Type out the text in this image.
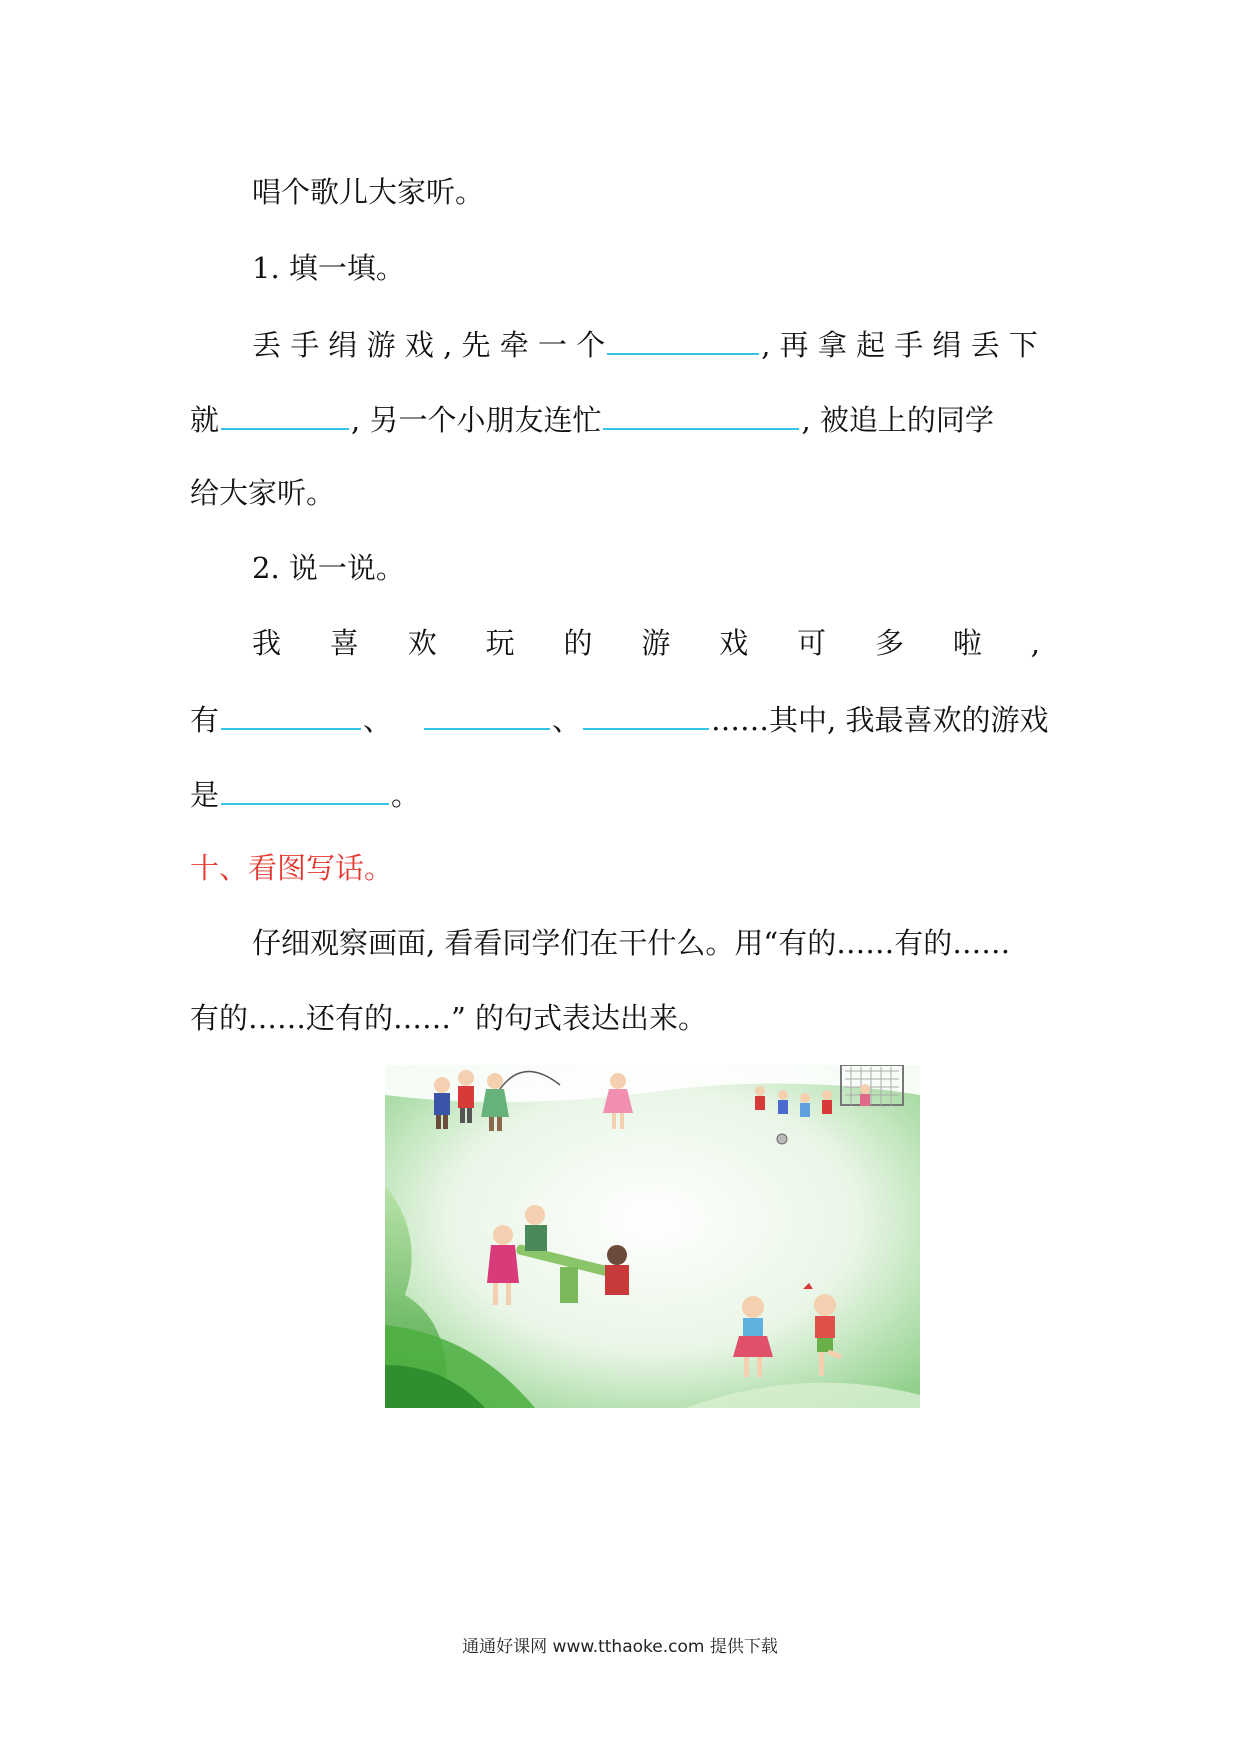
唱个歌儿大家听。
1. 填一填。
丢 手 绢 游 戏 , 先 牵 一 个	, 再 拿 起 手 绢 丢 下
就	, 另一个小朋友连忙	, 被追上的同学
给大家听。
2. 说一说。
我 喜 欢 玩 的 游 戏 可 多 啦 ,
有	、	、	……其中, 我最喜欢的游戏
是	。
十、看图写话。
仔细观察画面, 看看同学们在干什么。用“有的……有的……
有的……还有的……” 的句式表达出来。
通通好课网 www.tthaoke.com 提供下载
